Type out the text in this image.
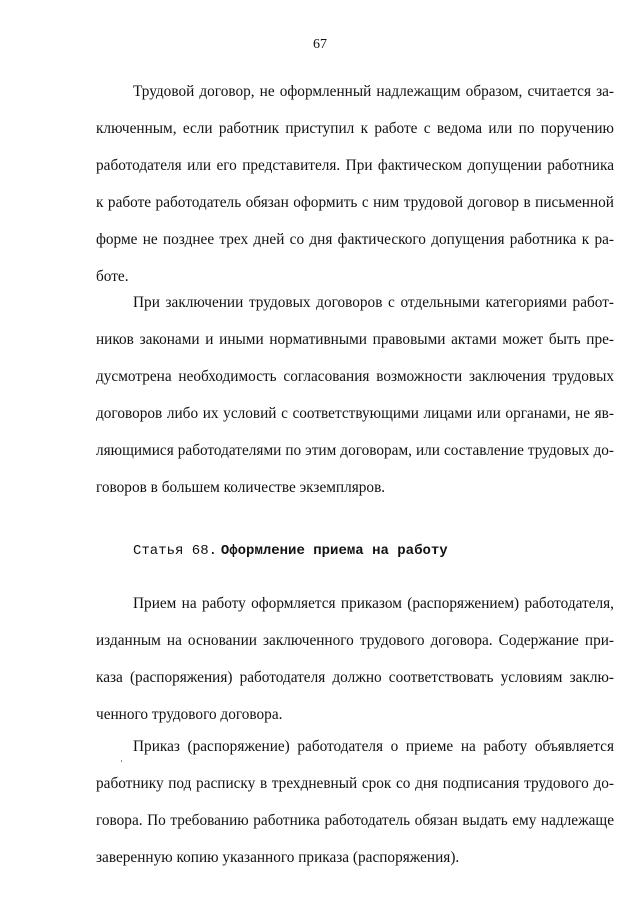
67
Трудовой договор, не оформленный надлежащим образом, считается за-
ключенным, если работник приступил к работе с ведома или по поручению
работодателя или его представителя. При фактическом допущении работника
к работе работодатель обязан оформить с ним трудовой договор в письменной
форме не позднее трех дней со дня фактического допущения работника к ра-
боте.
При заключении трудовых договоров с отдельными категориями работ-
ников законами и иными нормативными правовыми актами может быть пре-
дусмотрена необходимость согласования возможности заключения трудовых
договоров либо их условий с соответствующими лицами или органами, не яв-
ляющимися работодателями по этим договорам, или составление трудовых до-
говоров в большем количестве экземпляров.
Статья 68. Оформление приема на работу
Прием на работу оформляется приказом (распоряжением) работодателя,
изданным на основании заключенного трудового договора. Содержание при-
каза (распоряжения) работодателя должно соответствовать условиям заклю-
ченного трудового договора.
Приказ (распоряжение) работодателя о приеме на работу объявляется
работнику под расписку в трехдневный срок со дня подписания трудового до-
говора. По требованию работника работодатель обязан выдать ему надлежаще
заверенную копию указанного приказа (распоряжения).
